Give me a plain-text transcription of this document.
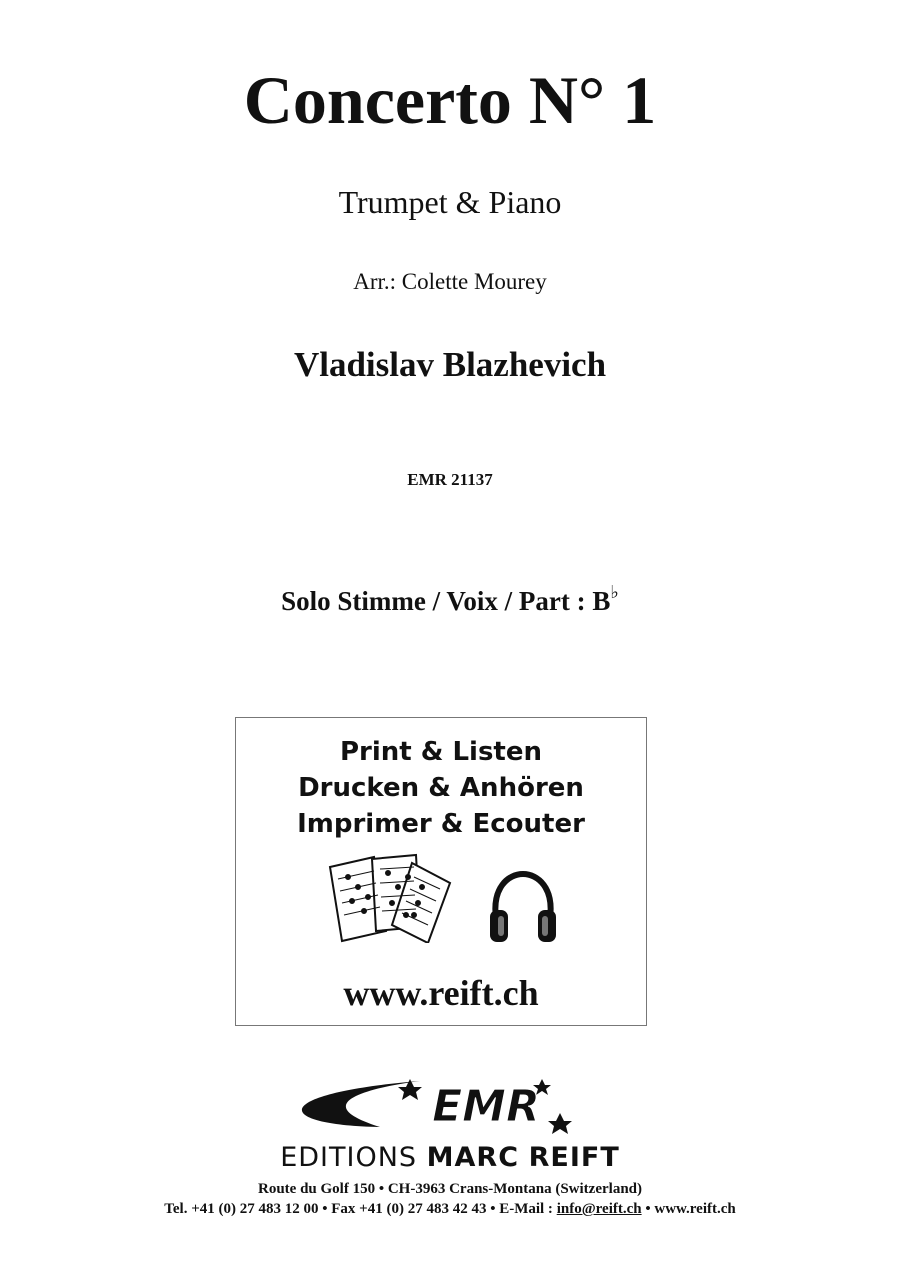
Concerto N° 1
Trumpet & Piano
Arr.: Colette Mourey
Vladislav Blazhevich
EMR 21137
Solo Stimme / Voix / Part : B♭
Print & Listen
Drucken & Anhören
Imprimer & Ecouter
www.reift.ch
EMR
EDITIONS MARC REIFT
Route du Golf 150 • CH-3963 Crans-Montana (Switzerland)
Tel. +41 (0) 27 483 12 00 • Fax +41 (0) 27 483 42 43 • E-Mail : info@reift.ch • www.reift.ch
